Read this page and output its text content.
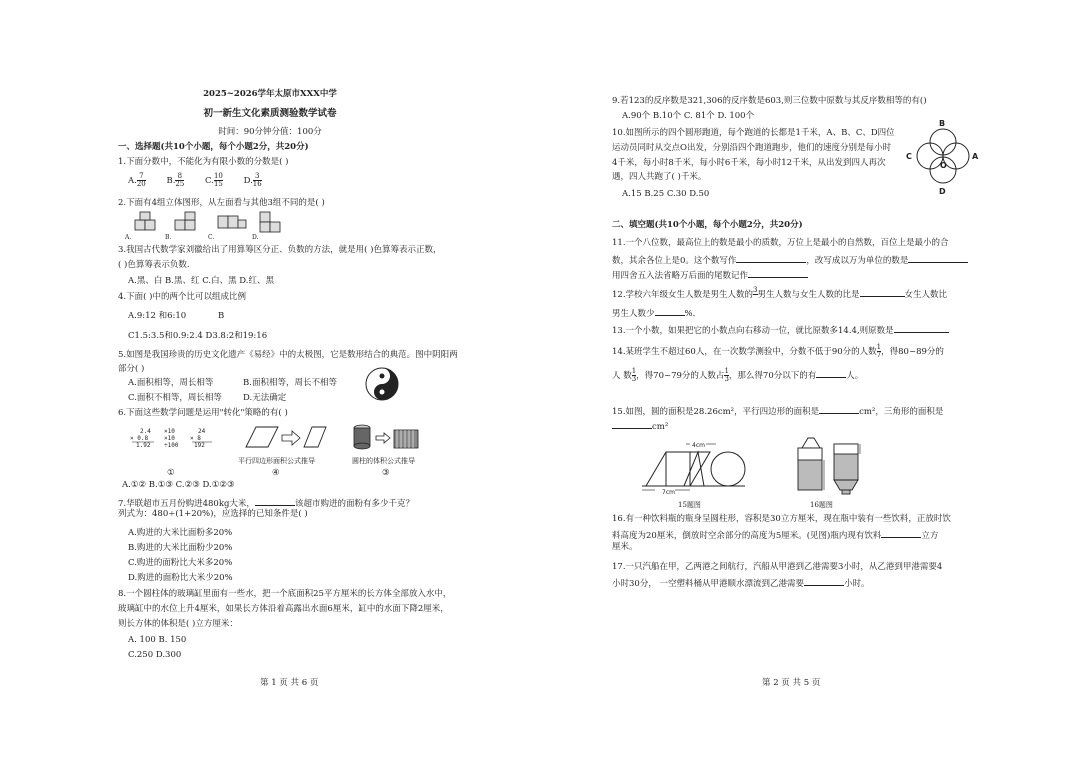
2025~2026学年太原市XXX中学
初一新生文化素质测验数学试卷
时间：90分钟分值：100分
一、选择题(共10个小题，每个小题2分，共20分)
1.下面分数中，不能化为有限小数的分数是( )
A. $\frac{7}{20} B$. $\frac{8}{25} C$. $\frac{10}{15} D$. $\frac{3}{16}$
2.下面有4组立体图形，从左面看与其他3组不同的是( )
A.	B.	C.	D.
3.我国古代数学家刘徽给出了用算筹区分正、负数的方法，就是用( )色算筹表示正数，
( )色算筹表示负数.
A.黑、白 B.黑、红 C.白、黑 D.红、黑
4.下面( )中的两个比可以组成比例
A.9:12 和6:10	B
C1.5:3.5和0.9:2.4 D3.8:2和19:16
5.如图是我国珍贵的历史文化遗产《易经》中的太极图，它是数形结合的典范。图中阴阳两
部分( )
A.面积相等，周长相等	B.面积相等，周长不相等
C.面积不相等，周长相等 D.无法确定
6.下面这些数学问题是运用"转化"策略的有( )
2.4
× 0.8
1.92
×10
×10
÷100
24
× 8
192
平行四边形面积公式推导	圆柱的体积公式推导
①	④	③
A.①② B.①③ C.②③ D.①②③
7.华联超市五月份购进480kg大米，	该超市购进的面粉有多少千克？
列式为：480÷(1+20%)，应选择的已知条件是( )
A.购进的大米比面粉多20%
B.购进的大米比面粉少20%
C.购进的面粉比大米多20%
D.购进的面粉比大米少20%
8.一个圆柱体的玻璃缸里面有一些水，把一个底面积25平方厘米的长方体全部放入水中，
玻璃缸中的水位上升4厘米，如果长方体沿着高露出水面6厘米，缸中的水面下降2厘米，
则长方体的体积是( )立方厘米：
A. 100 B. 150
C.250 D.300
第 1 页 共 6 页
9.若123的反序数是321,306的反序数是603,则三位数中原数与其反序数相等的有()
A.90个 B.10个 C. 81个 D. 100个
10.如图所示的四个圆形跑道，每个跑道的长都是1千米，A、B、C、D四位
运动员同时从交点O出发，分别沿四个跑道跑步，他们的速度分别是每小时
4千米，每小时8千米，每小时6千米，每小时12千米，从出发到四人再次
遇，四人共跑了( )千米。
A.15 B.25 C.30 D.50
B
C	A
O
D
二、填空题(共10个小题，每个小题2分，共20分)
11.一个八位数，最高位上的数是最小的质数，万位上是最小的自然数，百位上是最小的合
数，其余各位上是0。这个数写作	，改写成以万为单位的数是
用四舍五入法省略万后面的尾数记作
12.学校六年级女生人数是男生人数的 3
男生人数与女生人数的比是	女生人数比
男生人数少	%.
13.一个小数，如果把它的小数点向右移动一位，就比原数多14.4,则原数是
14.某班学生不超过60人，在一次数学测验中，分数不低于90分的人数 $\frac{1}{7}$ ，得80~89分的
人 数 $\frac{1}{3}$ ，得70~79分的人数占 $\frac{1}{3}$ ，那么得70分以下的有	人。
15.如图，圆的面积是28.26cm²，平行四边形的面积是	cm²，三角形的面积是
cm²
4cm
7cm
15题图	16题图
16.有一种饮料瓶的瓶身呈圆柱形，容积是30立方厘米，现在瓶中装有一些饮料，正放时饮
料高度为20厘米，倒放时空余部分的高度为5厘米。(见图)瓶内现有饮料	立方
厘米。
17.一只汽船在甲，乙两港之间航行，汽船从甲港到乙港需要3小时，从乙港到甲港需要4
小时30分， 一空塑料桶从甲港顺水漂流到乙港需要	小时。
第 2 页 共 5 页
